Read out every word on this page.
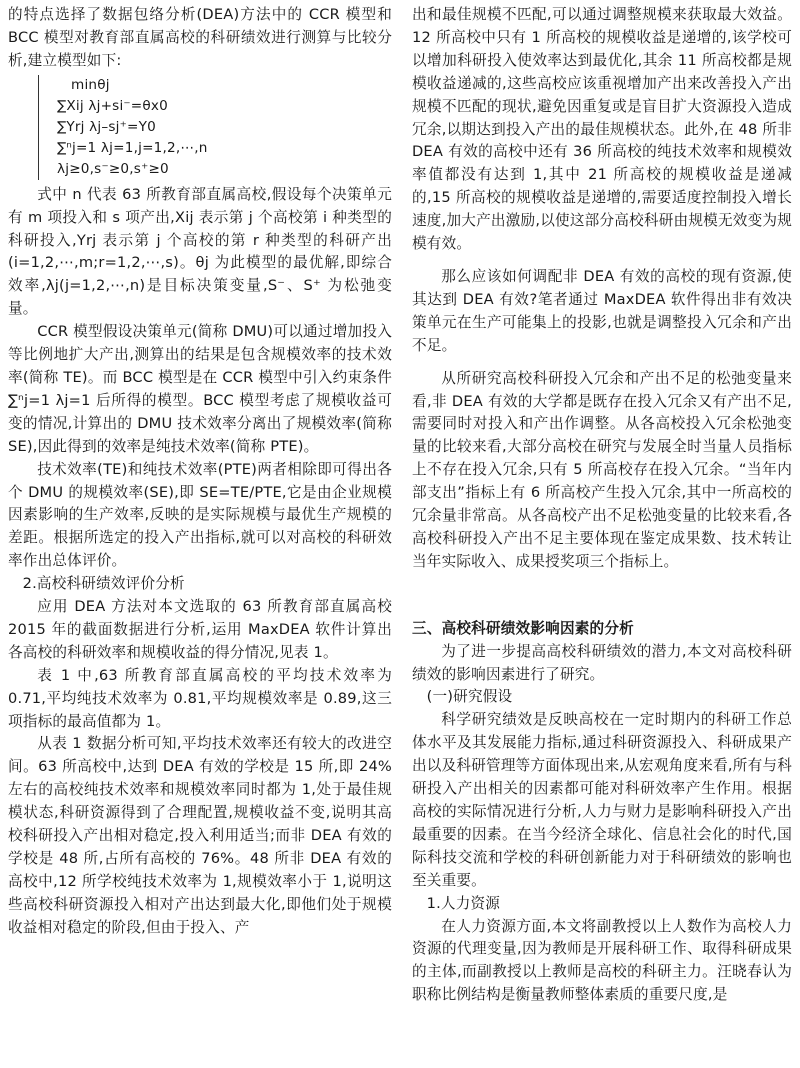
的特点选择了数据包络分析(DEA)方法中的 CCR 模型和 BCC 模型对教育部直属高校的科研绩效进行测算与比较分析,建立模型如下:

minθj
∑Xij λj+si⁻=θx0
∑Yrj λj–sj⁺=Y0
∑ⁿj=1 λj=1,j=1,2,⋯,n
λj≥0,s⁻≥0,s⁺≥0

式中 n 代表 63 所教育部直属高校,假设每个决策单元有 m 项投入和 s 项产出,Xij 表示第 j 个高校第 i 种类型的科研投入,Yrj 表示第 j 个高校的第 r 种类型的科研产出(i=1,2,⋯,m;r=1,2,⋯,s)。θj 为此模型的最优解,即综合效率,λj(j=1,2,⋯,n)是目标决策变量,S⁻、S⁺ 为松弛变量。

CCR 模型假设决策单元(简称 DMU)可以通过增加投入等比例地扩大产出,测算出的结果是包含规模效率的技术效率(简称 TE)。而 BCC 模型是在 CCR 模型中引入约束条件 ∑ⁿj=1 λj=1 后所得的模型。BCC 模型考虑了规模收益可变的情况,计算出的 DMU 技术效率分离出了规模效率(简称 SE),因此得到的效率是纯技术效率(简称 PTE)。

技术效率(TE)和纯技术效率(PTE)两者相除即可得出各个 DMU 的规模效率(SE),即 SE=TE/PTE,它是由企业规模因素影响的生产效率,反映的是实际规模与最优生产规模的差距。根据所选定的投入产出指标,就可以对高校的科研效率作出总体评价。

2.高校科研绩效评价分析

应用 DEA 方法对本文选取的 63 所教育部直属高校 2015 年的截面数据进行分析,运用 MaxDEA 软件计算出各高校的科研效率和规模收益的得分情况,见表 1。

表 1 中,63 所教育部直属高校的平均技术效率为 0.71,平均纯技术效率为 0.81,平均规模效率是 0.89,这三项指标的最高值都为 1。

从表 1 数据分析可知,平均技术效率还有较大的改进空间。63 所高校中,达到 DEA 有效的学校是 15 所,即 24%左右的高校纯技术效率和规模效率同时都为 1,处于最佳规模状态,科研资源得到了合理配置,规模收益不变,说明其高校科研投入产出相对稳定,投入利用适当;而非 DEA 有效的学校是 48 所,占所有高校的 76%。48 所非 DEA 有效的高校中,12 所学校纯技术效率为 1,规模效率小于 1,说明这些高校科研资源投入相对产出达到最大化,即他们处于规模收益相对稳定的阶段,但由于投入、产

出和最佳规模不匹配,可以通过调整规模来获取最大效益。12 所高校中只有 1 所高校的规模收益是递增的,该学校可以增加科研投入使效率达到最优化,其余 11 所高校都是规模收益递减的,这些高校应该重视增加产出来改善投入产出规模不匹配的现状,避免因重复或是盲目扩大资源投入造成冗余,以期达到投入产出的最佳规模状态。此外,在 48 所非 DEA 有效的高校中还有 36 所高校的纯技术效率和规模效率值都没有达到 1,其中 21 所高校的规模收益是递减的,15 所高校的规模收益是递增的,需要适度控制投入增长速度,加大产出激励,以使这部分高校科研由规模无效变为规模有效。

那么应该如何调配非 DEA 有效的高校的现有资源,使其达到 DEA 有效?笔者通过 MaxDEA 软件得出非有效决策单元在生产可能集上的投影,也就是调整投入冗余和产出不足。

从所研究高校科研投入冗余和产出不足的松弛变量来看,非 DEA 有效的大学都是既存在投入冗余又有产出不足,需要同时对投入和产出作调整。从各高校投入冗余松弛变量的比较来看,大部分高校在研究与发展全时当量人员指标上不存在投入冗余,只有 5 所高校存在投入冗余。“当年内部支出”指标上有 6 所高校产生投入冗余,其中一所高校的冗余量非常高。从各高校产出不足松弛变量的比较来看,各高校科研投入产出不足主要体现在鉴定成果数、技术转让当年实际收入、成果授奖项三个指标上。

三、高校科研绩效影响因素的分析

为了进一步提高高校科研绩效的潜力,本文对高校科研绩效的影响因素进行了研究。

(一)研究假设

科学研究绩效是反映高校在一定时期内的科研工作总体水平及其发展能力指标,通过科研资源投入、科研成果产出以及科研管理等方面体现出来,从宏观角度来看,所有与科研投入产出相关的因素都可能对科研效率产生作用。根据高校的实际情况进行分析,人力与财力是影响科研投入产出最重要的因素。在当今经济全球化、信息社会化的时代,国际科技交流和学校的科研创新能力对于科研绩效的影响也至关重要。

1.人力资源

在人力资源方面,本文将副教授以上人数作为高校人力资源的代理变量,因为教师是开展科研工作、取得科研成果的主体,而副教授以上教师是高校的科研主力。汪晓春认为职称比例结构是衡量教师整体素质的重要尺度,是
